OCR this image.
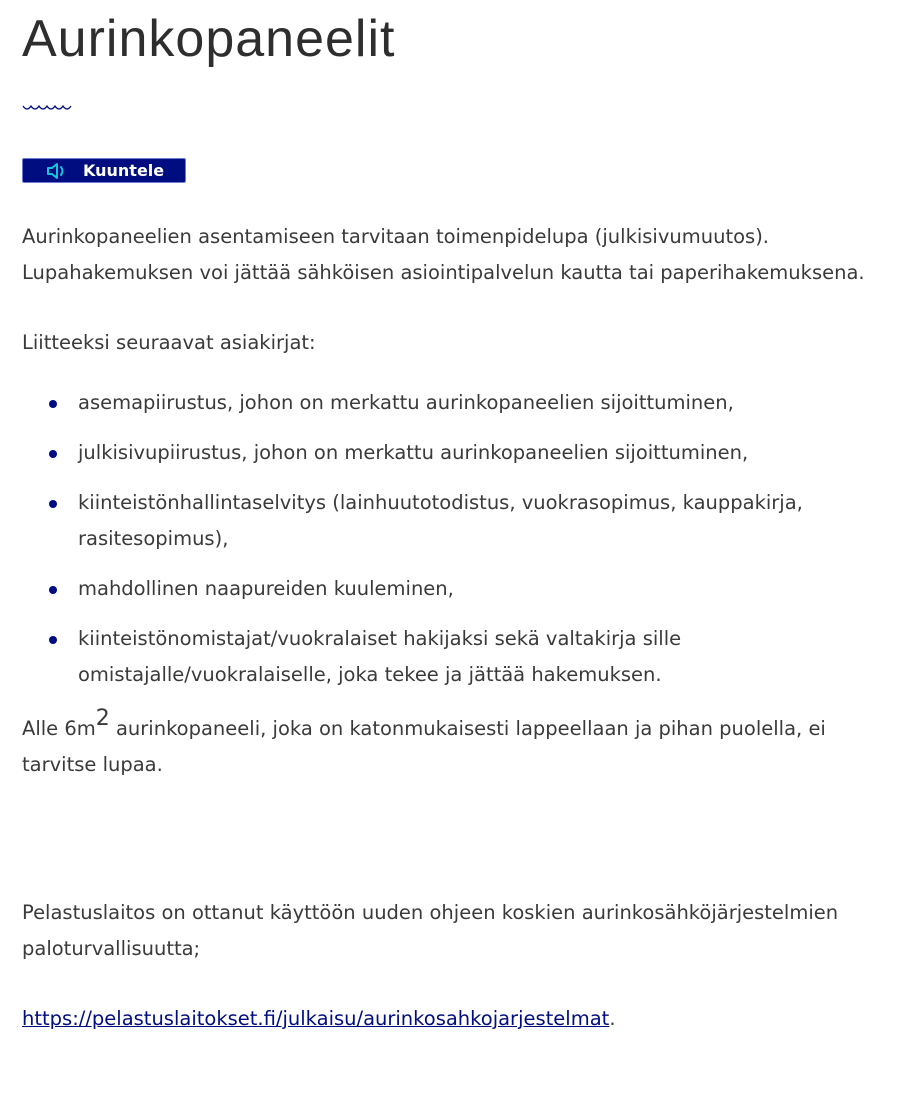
Aurinkopaneelit
Kuuntele

Aurinkopaneelien asentamiseen tarvitaan toimenpidelupa (julkisivumuutos). Lupahakemuksen voi jättää sähköisen asiointipalvelun kautta tai paperihakemuksena.

Liitteeksi seuraavat asiakirjat:

asemapiirustus, johon on merkattu aurinkopaneelien sijoittuminen,
julkisivupiirustus, johon on merkattu aurinkopaneelien sijoittuminen,
kiinteistönhallintaselvitys (lainhuutotodistus, vuokrasopimus, kauppakirja, rasitesopimus),
mahdollinen naapureiden kuuleminen,
kiinteistönomistajat/vuokralaiset hakijaksi sekä valtakirja sille omistajalle/vuokralaiselle, joka tekee ja jättää hakemuksen.

Alle $6m^2$ aurinkopaneeli, joka on katonmukaisesti lappeellaan ja pihan puolella, ei tarvitse lupaa.

Pelastuslaitos on ottanut käyttöön uuden ohjeen koskien aurinkosähköjärjestelmien paloturvallisuutta;

https://pelastuslaitokset.fi/julkaisu/aurinkosahkojarjestelmat.
